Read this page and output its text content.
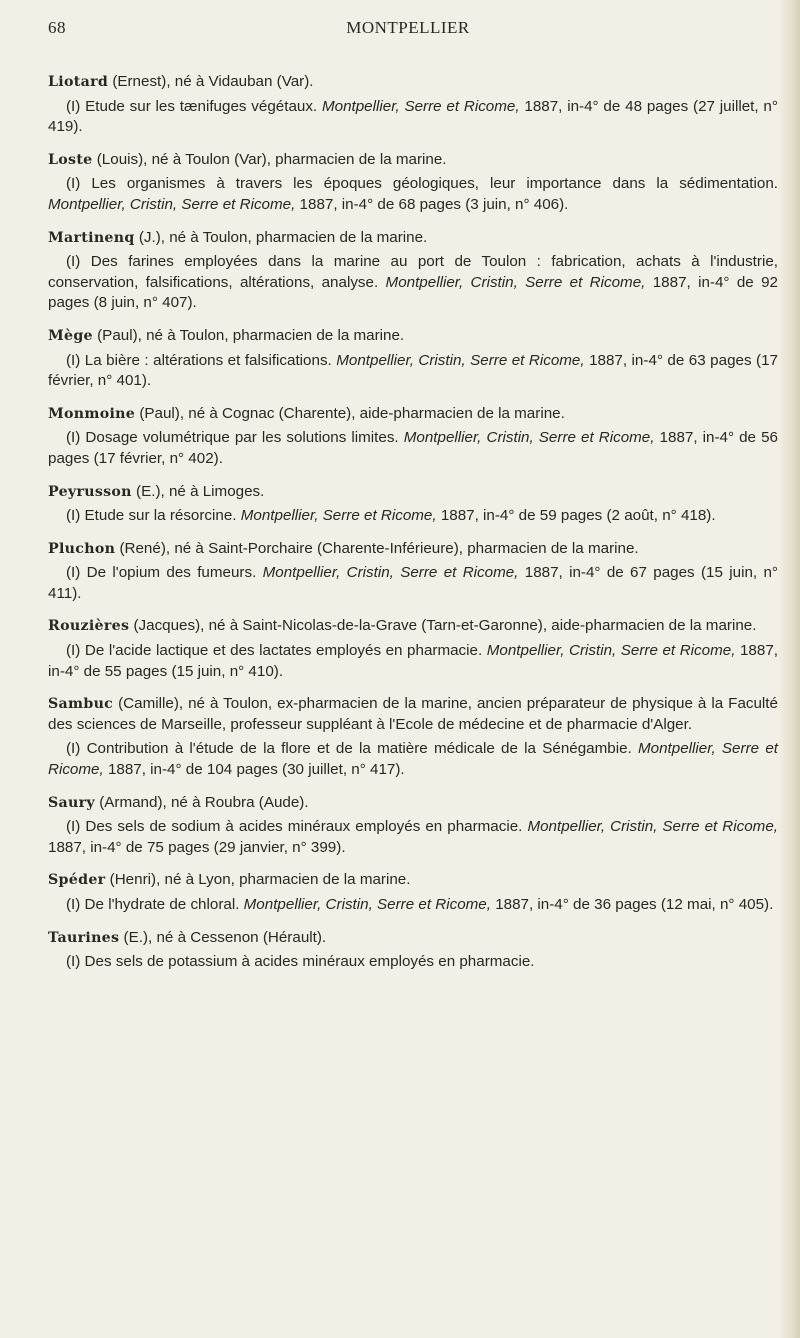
68	MONTPELLIER

Liotard (Ernest), né à Vidauban (Var).

(I) Etude sur les tænifuges végétaux. Montpellier, Serre et Ricome, 1887, in-4° de 48 pages (27 juillet, n° 419).

Loste (Louis), né à Toulon (Var), pharmacien de la marine.

(I) Les organismes à travers les époques géologiques, leur importance dans la sédimentation. Montpellier, Cristin, Serre et Ricome, 1887, in-4° de 68 pages (3 juin, n° 406).

Martinenq (J.), né à Toulon, pharmacien de la marine.

(I) Des farines employées dans la marine au port de Toulon : fabrication, achats à l'industrie, conservation, falsifications, altérations, analyse. Montpellier, Cristin, Serre et Ricome, 1887, in-4° de 92 pages (8 juin, n° 407).

Mège (Paul), né à Toulon, pharmacien de la marine.

(I) La bière : altérations et falsifications. Montpellier, Cristin, Serre et Ricome, 1887, in-4° de 63 pages (17 février, n° 401).

Monmoine (Paul), né à Cognac (Charente), aide-pharmacien de la marine.

(I) Dosage volumétrique par les solutions limites. Montpellier, Cristin, Serre et Ricome, 1887, in-4° de 56 pages (17 février, n° 402).

Peyrusson (E.), né à Limoges.

(I) Etude sur la résorcine. Montpellier, Serre et Ricome, 1887, in-4° de 59 pages (2 août, n° 418).

Pluchon (René), né à Saint-Porchaire (Charente-Inférieure), pharmacien de la marine.

(I) De l'opium des fumeurs. Montpellier, Cristin, Serre et Ricome, 1887, in-4° de 67 pages (15 juin, n° 411).

Rouzières (Jacques), né à Saint-Nicolas-de-la-Grave (Tarn-et-Garonne), aide-pharmacien de la marine.

(I) De l'acide lactique et des lactates employés en pharmacie. Montpellier, Cristin, Serre et Ricome, 1887, in-4° de 55 pages (15 juin, n° 410).

Sambuc (Camille), né à Toulon, ex-pharmacien de la marine, ancien préparateur de physique à la Faculté des sciences de Marseille, professeur suppléant à l'Ecole de médecine et de pharmacie d'Alger.

(I) Contribution à l'étude de la flore et de la matière médicale de la Sénégambie. Montpellier, Serre et Ricome, 1887, in-4° de 104 pages (30 juillet, n° 417).

Saury (Armand), né à Roubra (Aude).

(I) Des sels de sodium à acides minéraux employés en pharmacie. Montpellier, Cristin, Serre et Ricome, 1887, in-4° de 75 pages (29 janvier, n° 399).

Spéder (Henri), né à Lyon, pharmacien de la marine.

(I) De l'hydrate de chloral. Montpellier, Cristin, Serre et Ricome, 1887, in-4° de 36 pages (12 mai, n° 405).

Taurines (E.), né à Cessenon (Hérault).

(I) Des sels de potassium à acides minéraux employés en pharmacie.
